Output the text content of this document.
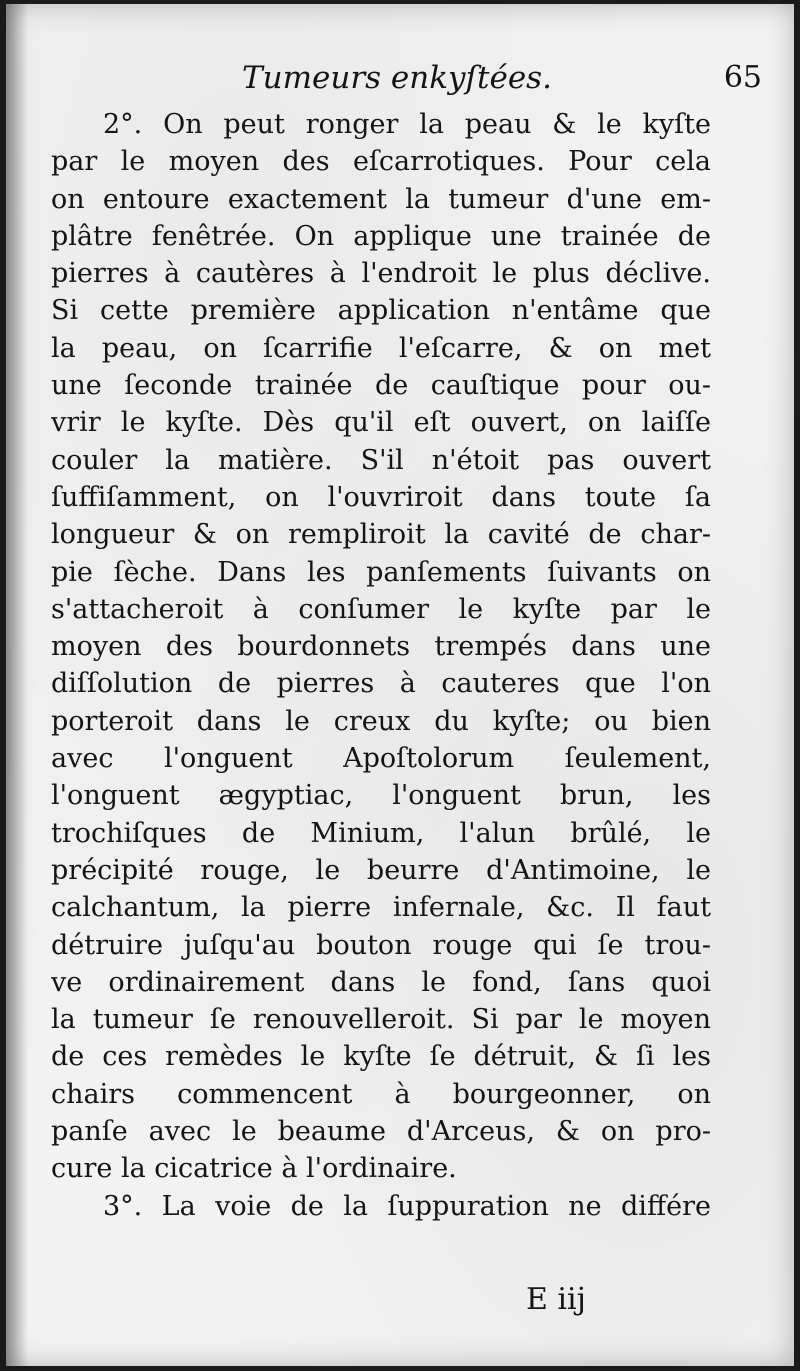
Tumeurs enkyſtées.	65
2°. On peut ronger la peau & le kyſte
par le moyen des eſcarrotiques. Pour cela
on entoure exactement la tumeur d'une em-
plâtre fenêtrée. On applique une trainée de
pierres à cautères à l'endroit le plus déclive.
Si cette première application n'entâme que
la peau, on ſcarrifie l'eſcarre, & on met
une ſeconde trainée de cauſtique pour ou-
vrir le kyſte. Dès qu'il eſt ouvert, on laiſſe
couler la matière. S'il n'étoit pas ouvert
ſuffiſamment, on l'ouvriroit dans toute ſa
longueur & on rempliroit la cavité de char-
pie ſèche. Dans les panſements ſuivants on
s'attacheroit à conſumer le kyſte par le
moyen des bourdonnets trempés dans une
diſſolution de pierres à cauteres que l'on
porteroit dans le creux du kyſte; ou bien
avec l'onguent Apoſtolorum ſeulement,
l'onguent ægyptiac, l'onguent brun, les
trochiſques de Minium, l'alun brûlé, le
précipité rouge, le beurre d'Antimoine, le
calchantum, la pierre infernale, &c. Il faut
détruire juſqu'au bouton rouge qui ſe trou-
ve ordinairement dans le fond, ſans quoi
la tumeur ſe renouvelleroit. Si par le moyen
de ces remèdes le kyſte ſe détruit, & ſi les
chairs commencent à bourgeonner, on
panſe avec le beaume d'Arceus, & on pro-
cure la cicatrice à l'ordinaire.
3°. La voie de la ſuppuration ne différe
E iij
